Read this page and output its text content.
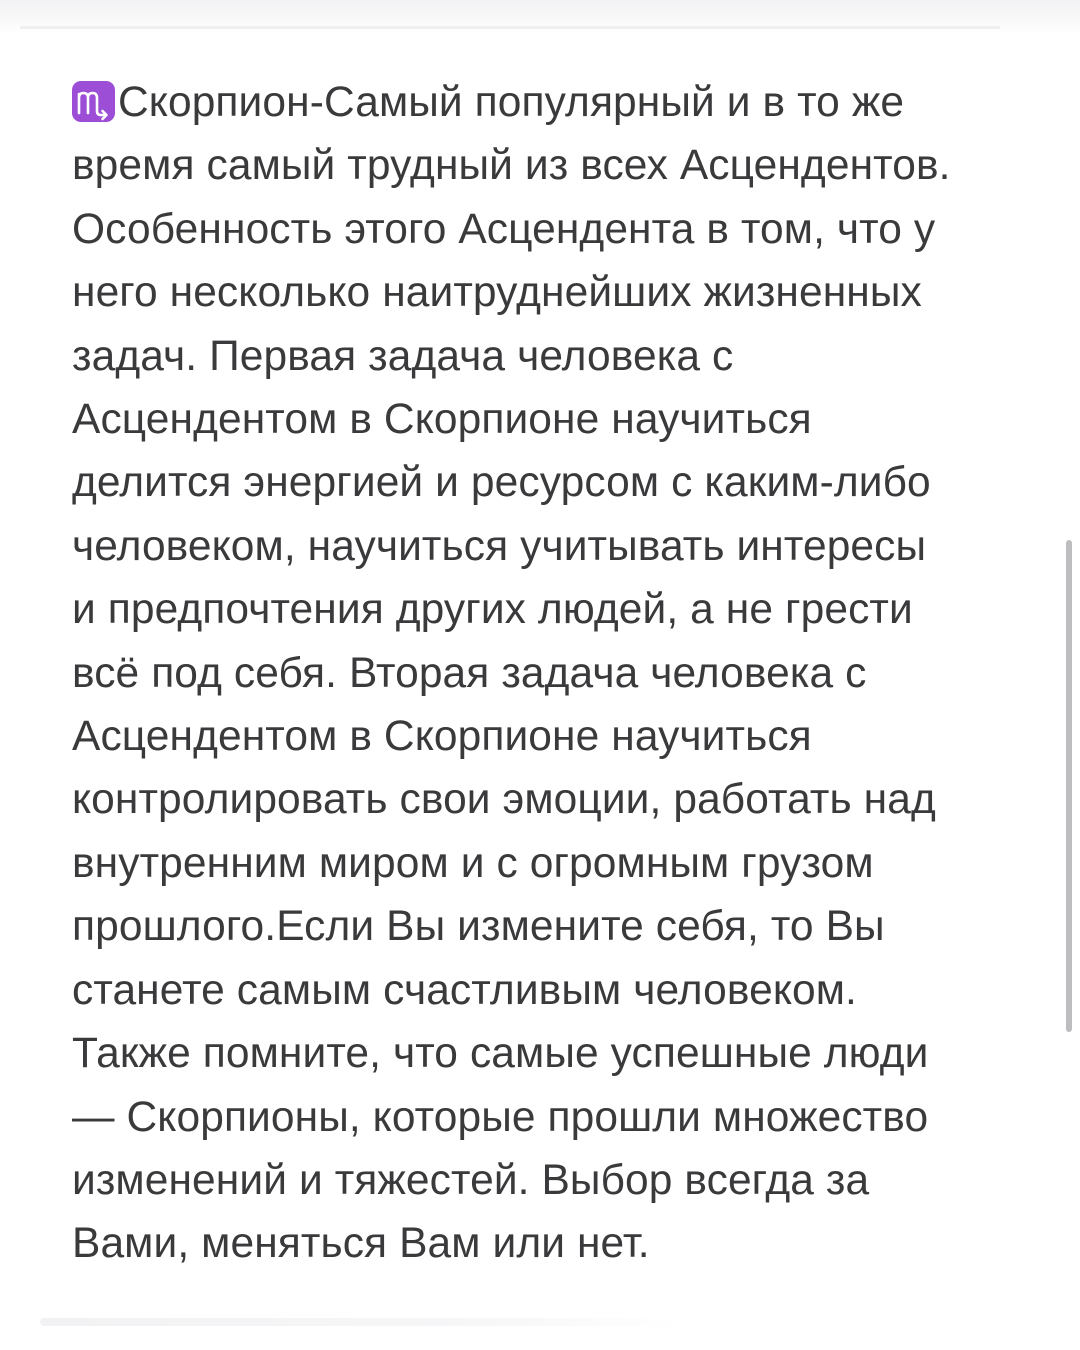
Скорпион-Самый популярный и в то же
время самый трудный из всех Асцендентов.
Особенность этого Асцендента в том, что у
него несколько наитруднейших жизненных
задач. Первая задача человека с
Асцендентом в Скорпионе научиться
делится энергией и ресурсом с каким-либо
человеком, научиться учитывать интересы
и предпочтения других людей, а не грести
всё под себя. Вторая задача человека с
Асцендентом в Скорпионе научиться
контролировать свои эмоции, работать над
внутренним миром и с огромным грузом
прошлого.Если Вы измените себя, то Вы
станете самым счастливым человеком.
Также помните, что самые успешные люди
— Скорпионы, которые прошли множество
изменений и тяжестей. Выбор всегда за
Вами, меняться Вам или нет.
